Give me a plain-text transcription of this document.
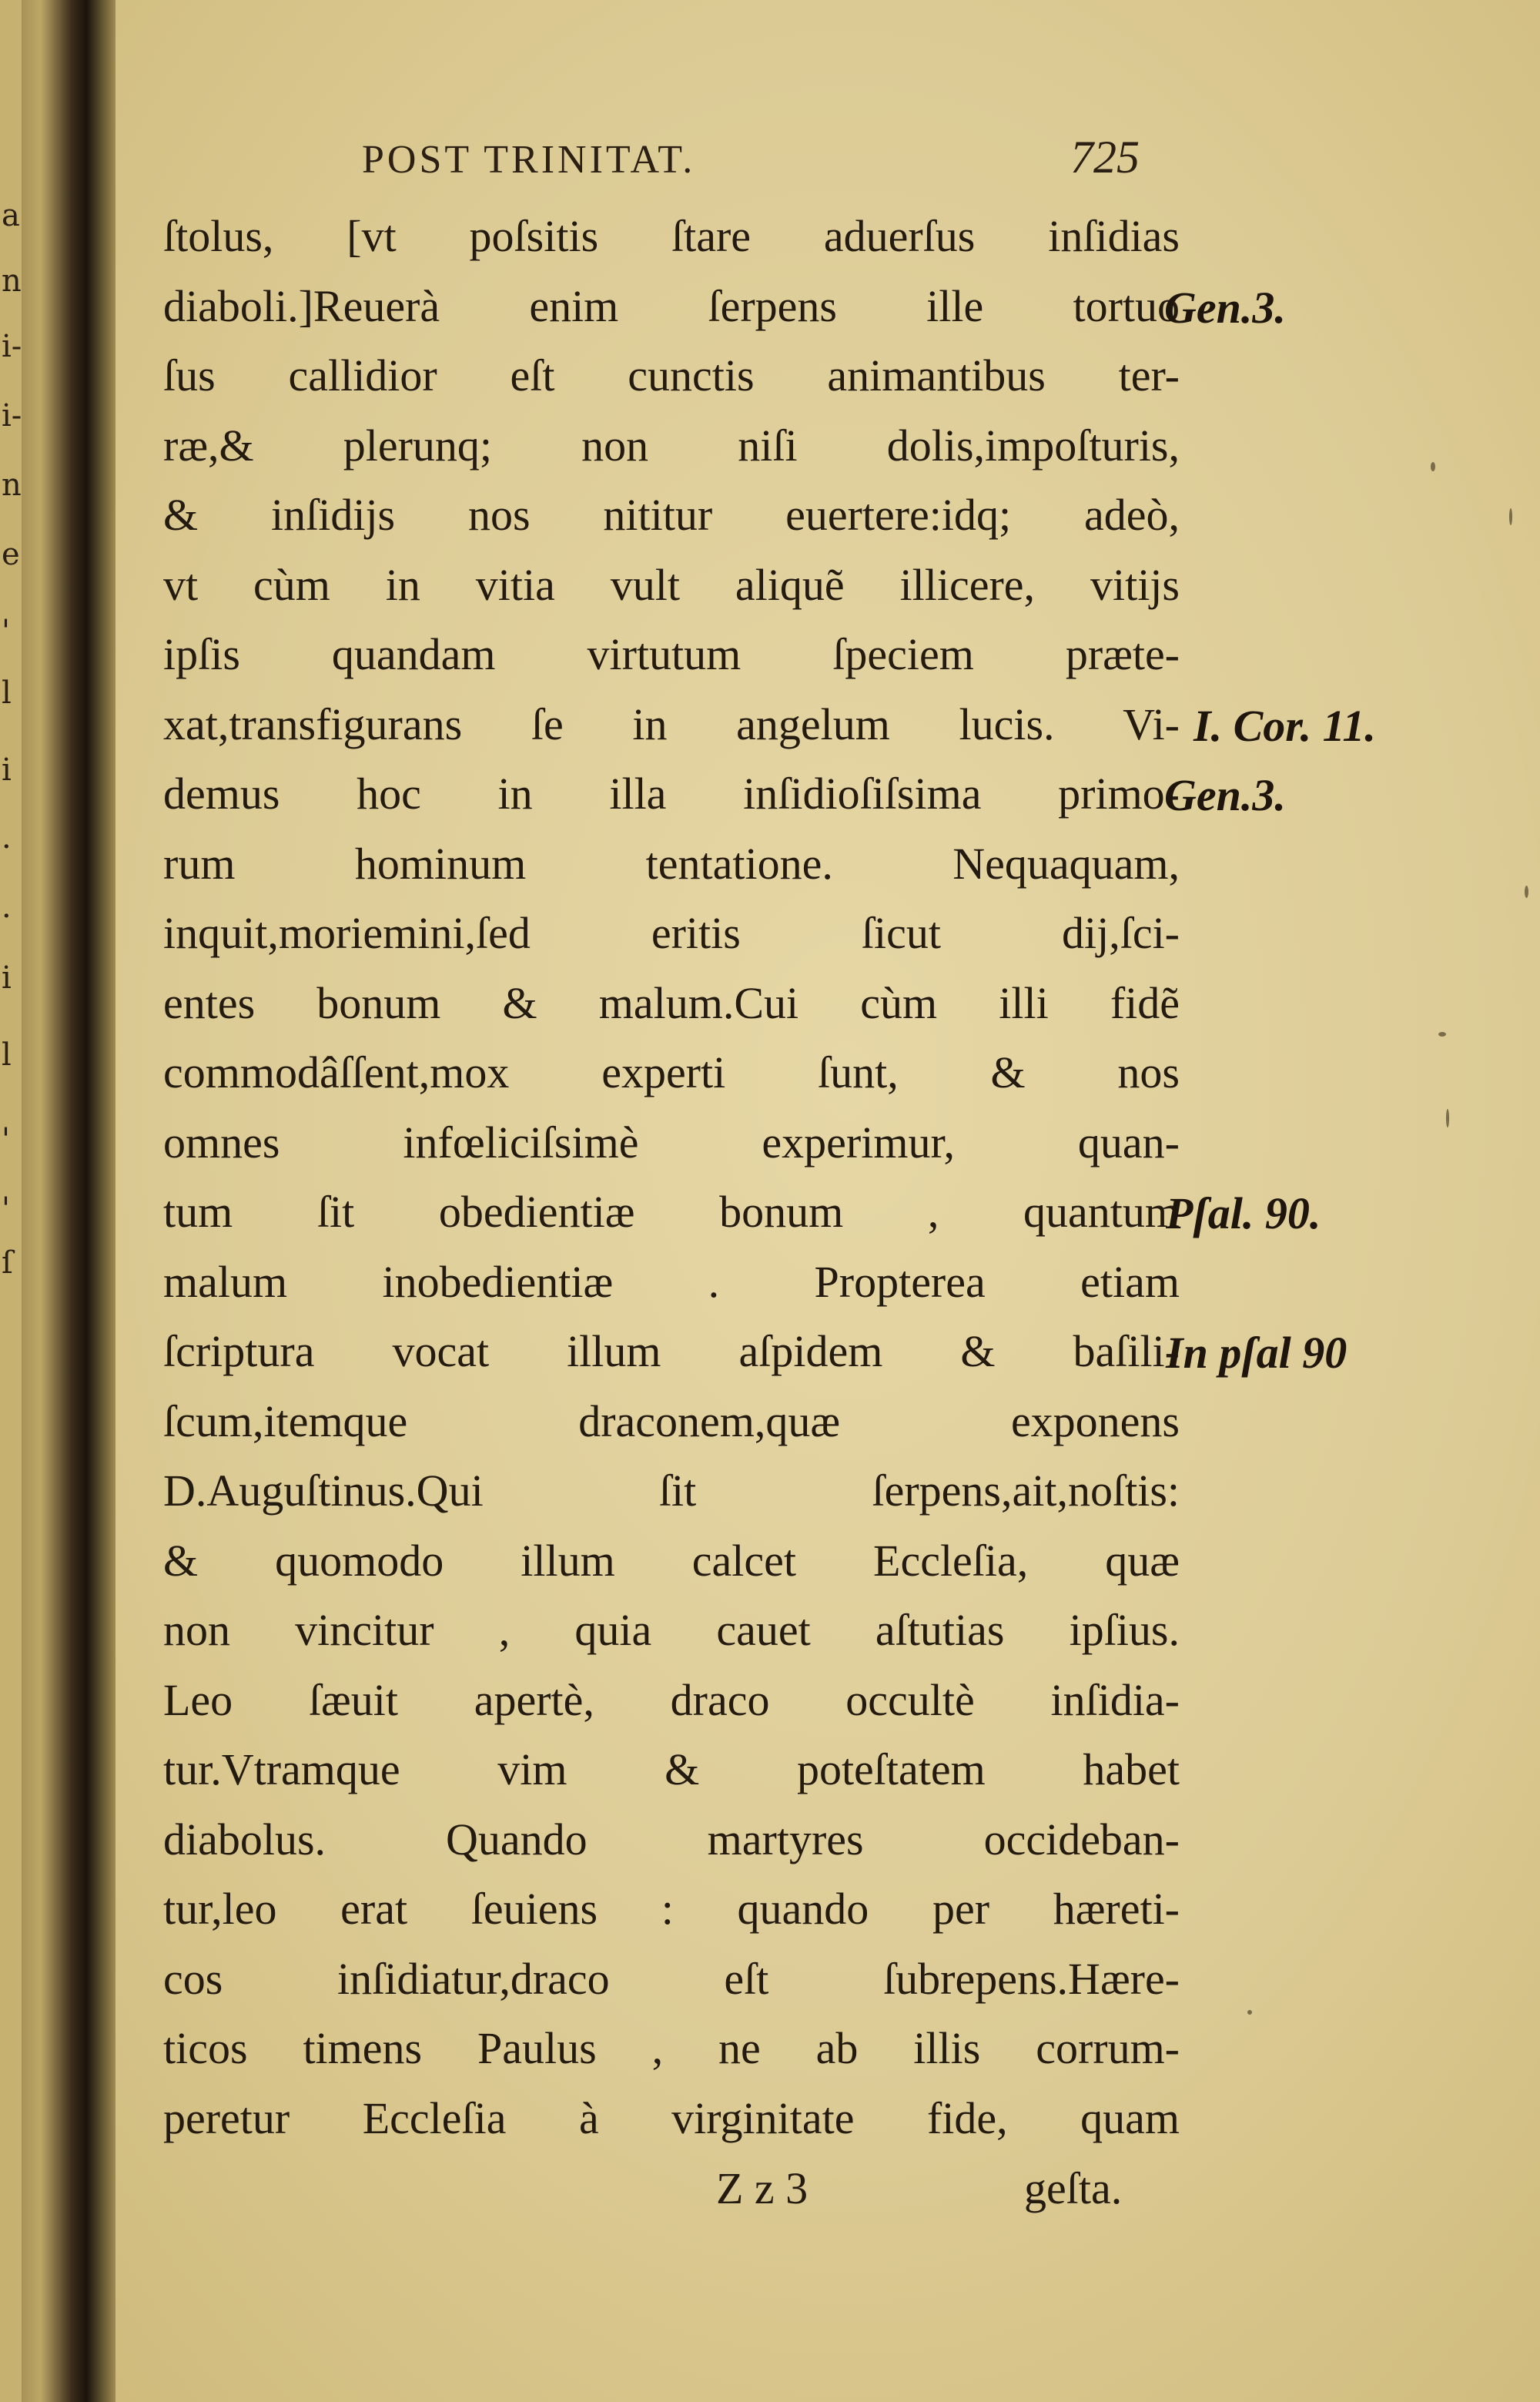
a
n
i-
i-
n
e
'
l
i
·
·
i
l
'
'
ſ
POST TRINITAT.	725
ſtolus, [vt poſsitis ſtare aduerſus inſidias
diaboli.]Reuerà enim ſerpens ille tortuo
ſus callidior eſt cunctis animantibus ter-
ræ,& plerunq; non niſi dolis,impoſturis,
& inſidijs nos nititur euertere:idq; adeò,
vt cùm in vitia vult aliquẽ illicere, vitijs
ipſis quandam virtutum ſpeciem præte-
xat,transfigurans ſe in angelum lucis. Vi-
demus hoc in illa inſidioſiſsima primo-
rum hominum tentatione. Nequaquam,
inquit,moriemini,ſed eritis ſicut dij,ſci-
entes bonum & malum.Cui cùm illi fidẽ
commodâſſent,mox experti ſunt, & nos
omnes infœliciſsimè experimur, quan-
tum ſit obedientiæ bonum , quantum
malum inobedientiæ . Propterea etiam
ſcriptura vocat illum aſpidem & baſili-
ſcum,itemque draconem,quæ exponens
D.Auguſtinus.Qui ſit ſerpens,ait,noſtis:
& quomodo illum calcet Eccleſia, quæ
non vincitur , quia cauet aſtutias ipſius.
Leo ſæuit apertè, draco occultè inſidia-
tur.Vtramque vim & poteſtatem habet
diabolus. Quando martyres occideban-
tur,leo erat ſeuiens : quando per hæreti-
cos inſidiatur,draco eſt ſubrepens.Hære-
ticos timens Paulus , ne ab illis corrum-
peretur Eccleſia à virginitate fide, quam
Gen.3.
I. Cor. 11.
Gen.3.
Pſal. 90.
In pſal 90
Z z 3	geſta.
